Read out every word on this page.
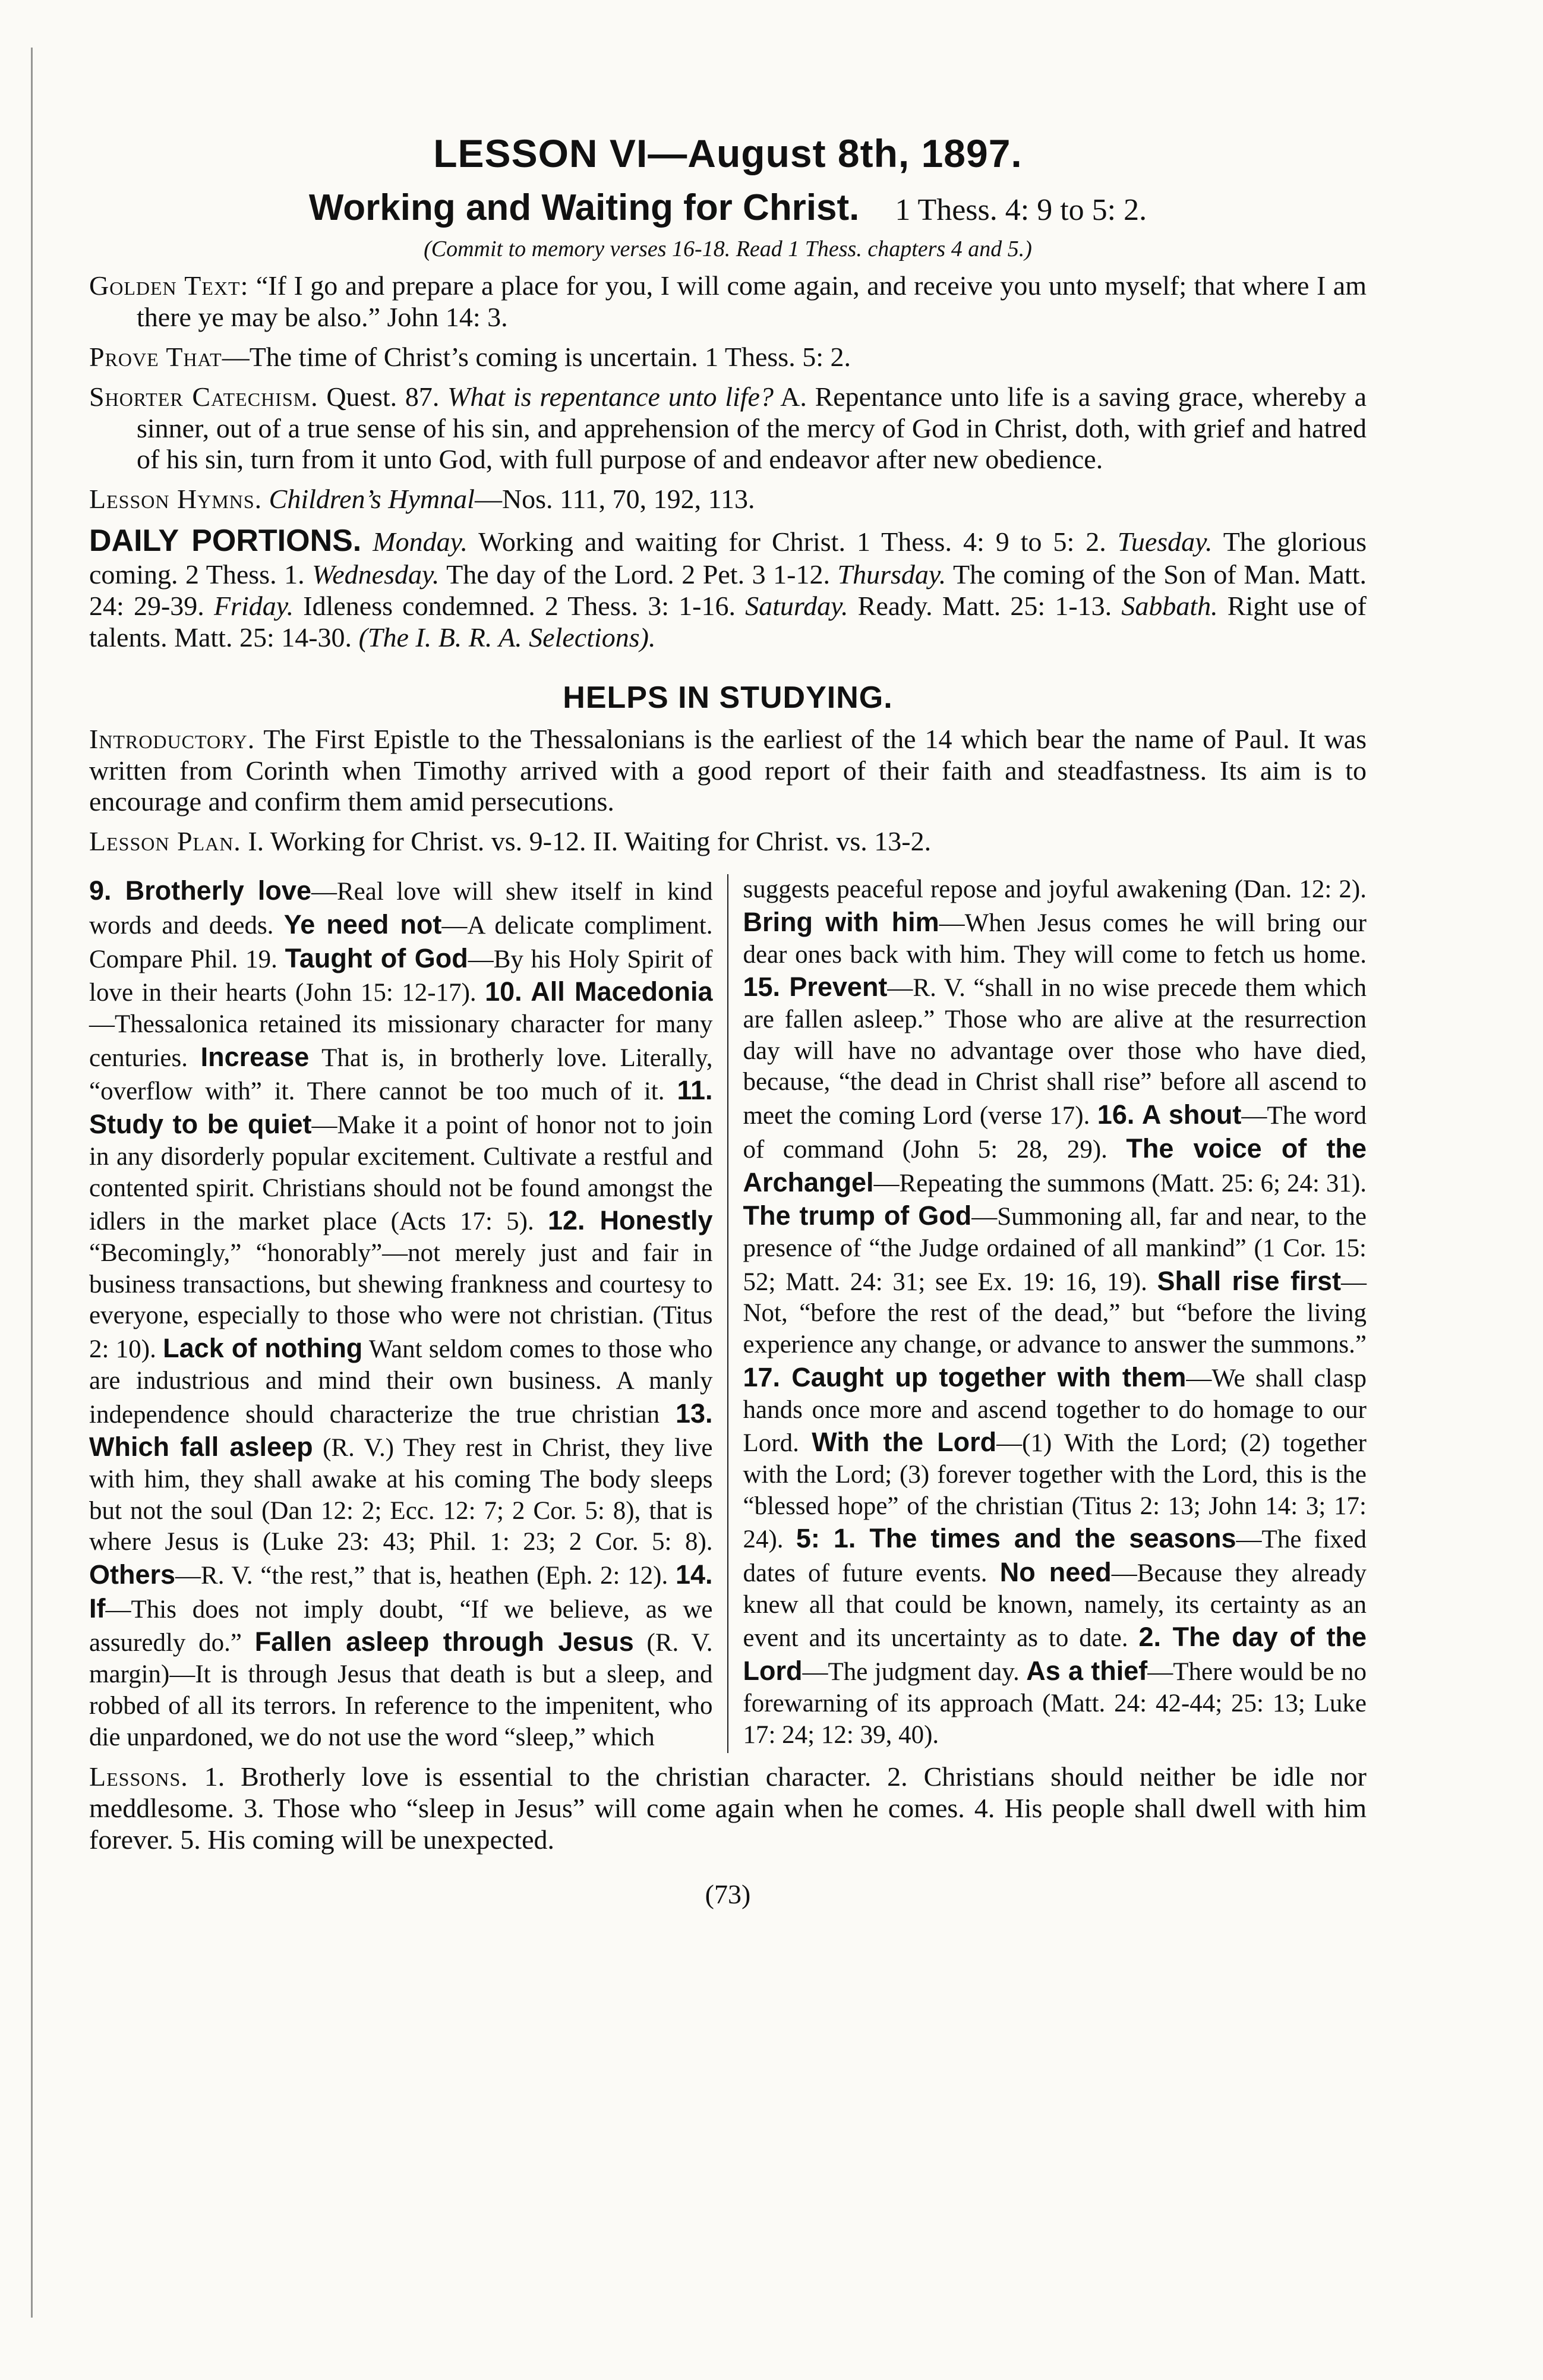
LESSON VI—August 8th, 1897.
Working and Waiting for Christ. 1 Thess. 4: 9 to 5: 2.
(Commit to memory verses 16-18. Read 1 Thess. chapters 4 and 5.)

Golden Text: “If I go and prepare a place for you, I will come again, and receive you unto myself; that where I am there ye may be also.” John 14: 3.

Prove That—The time of Christ’s coming is uncertain. 1 Thess. 5: 2.

Shorter Catechism. Quest. 87. What is repentance unto life? A. Repentance unto life is a saving grace, whereby a sinner, out of a true sense of his sin, and apprehension of the mercy of God in Christ, doth, with grief and hatred of his sin, turn from it unto God, with full purpose of and endeavor after new obedience.

Lesson Hymns. Children’s Hymnal—Nos. 111, 70, 192, 113.

DAILY PORTIONS. Monday. Working and waiting for Christ. 1 Thess. 4: 9 to 5: 2. Tuesday. The glorious coming. 2 Thess. 1. Wednesday. The day of the Lord. 2 Pet. 3 1-12. Thursday. The coming of the Son of Man. Matt. 24: 29-39. Friday. Idleness condemned. 2 Thess. 3: 1-16. Saturday. Ready. Matt. 25: 1-13. Sabbath. Right use of talents. Matt. 25: 14-30. (The I. B. R. A. Selections).

HELPS IN STUDYING.

Introductory. The First Epistle to the Thessalonians is the earliest of the 14 which bear the name of Paul. It was written from Corinth when Timothy arrived with a good report of their faith and steadfastness. Its aim is to encourage and confirm them amid persecutions.

Lesson Plan. I. Working for Christ. vs. 9-12. II. Waiting for Christ. vs. 13-2.

9. Brotherly love—Real love will shew itself in kind words and deeds. Ye need not—A delicate compliment. Compare Phil. 19. Taught of God—By his Holy Spirit of love in their hearts (John 15: 12-17). 10. All Macedonia—Thessalonica retained its missionary character for many centuries. Increase That is, in brotherly love. Literally, “overflow with” it. There cannot be too much of it. 11. Study to be quiet—Make it a point of honor not to join in any disorderly popular excitement. Cultivate a restful and contented spirit. Christians should not be found amongst the idlers in the market place (Acts 17: 5). 12. Honestly “Becomingly,” “honorably”—not merely just and fair in business transactions, but shewing frankness and courtesy to everyone, especially to those who were not christian. (Titus 2: 10). Lack of nothing Want seldom comes to those who are industrious and mind their own business. A manly independence should characterize the true christian 13. Which fall asleep (R. V.) They rest in Christ, they live with him, they shall awake at his coming The body sleeps but not the soul (Dan 12: 2; Ecc. 12: 7; 2 Cor. 5: 8), that is where Jesus is (Luke 23: 43; Phil. 1: 23; 2 Cor. 5: 8). Others—R. V. “the rest,” that is, heathen (Eph. 2: 12). 14. If—This does not imply doubt, “If we believe, as we assuredly do.” Fallen asleep through Jesus (R. V. margin)—It is through Jesus that death is but a sleep, and robbed of all its terrors. In reference to the impenitent, who die unpardoned, we do not use the word “sleep,” which
suggests peaceful repose and joyful awakening (Dan. 12: 2). Bring with him—When Jesus comes he will bring our dear ones back with him. They will come to fetch us home. 15. Prevent—R. V. “shall in no wise precede them which are fallen asleep.” Those who are alive at the resurrection day will have no advantage over those who have died, because, “the dead in Christ shall rise” before all ascend to meet the coming Lord (verse 17). 16. A shout—The word of command (John 5: 28, 29). The voice of the Archangel—Repeating the summons (Matt. 25: 6; 24: 31). The trump of God—Summoning all, far and near, to the presence of “the Judge ordained of all mankind” (1 Cor. 15: 52; Matt. 24: 31; see Ex. 19: 16, 19). Shall rise first—Not, “before the rest of the dead,” but “before the living experience any change, or advance to answer the summons.” 17. Caught up together with them—We shall clasp hands once more and ascend together to do homage to our Lord. With the Lord—(1) With the Lord; (2) together with the Lord; (3) forever together with the Lord, this is the “blessed hope” of the christian (Titus 2: 13; John 14: 3; 17: 24). 5: 1. The times and the seasons—The fixed dates of future events. No need—Because they already knew all that could be known, namely, its certainty as an event and its uncertainty as to date. 2. The day of the Lord—The judgment day. As a thief—There would be no forewarning of its approach (Matt. 24: 42-44; 25: 13; Luke 17: 24; 12: 39, 40).

Lessons. 1. Brotherly love is essential to the christian character. 2. Christians should neither be idle nor meddlesome. 3. Those who “sleep in Jesus” will come again when he comes. 4. His people shall dwell with him forever. 5. His coming will be unexpected.

(73)
